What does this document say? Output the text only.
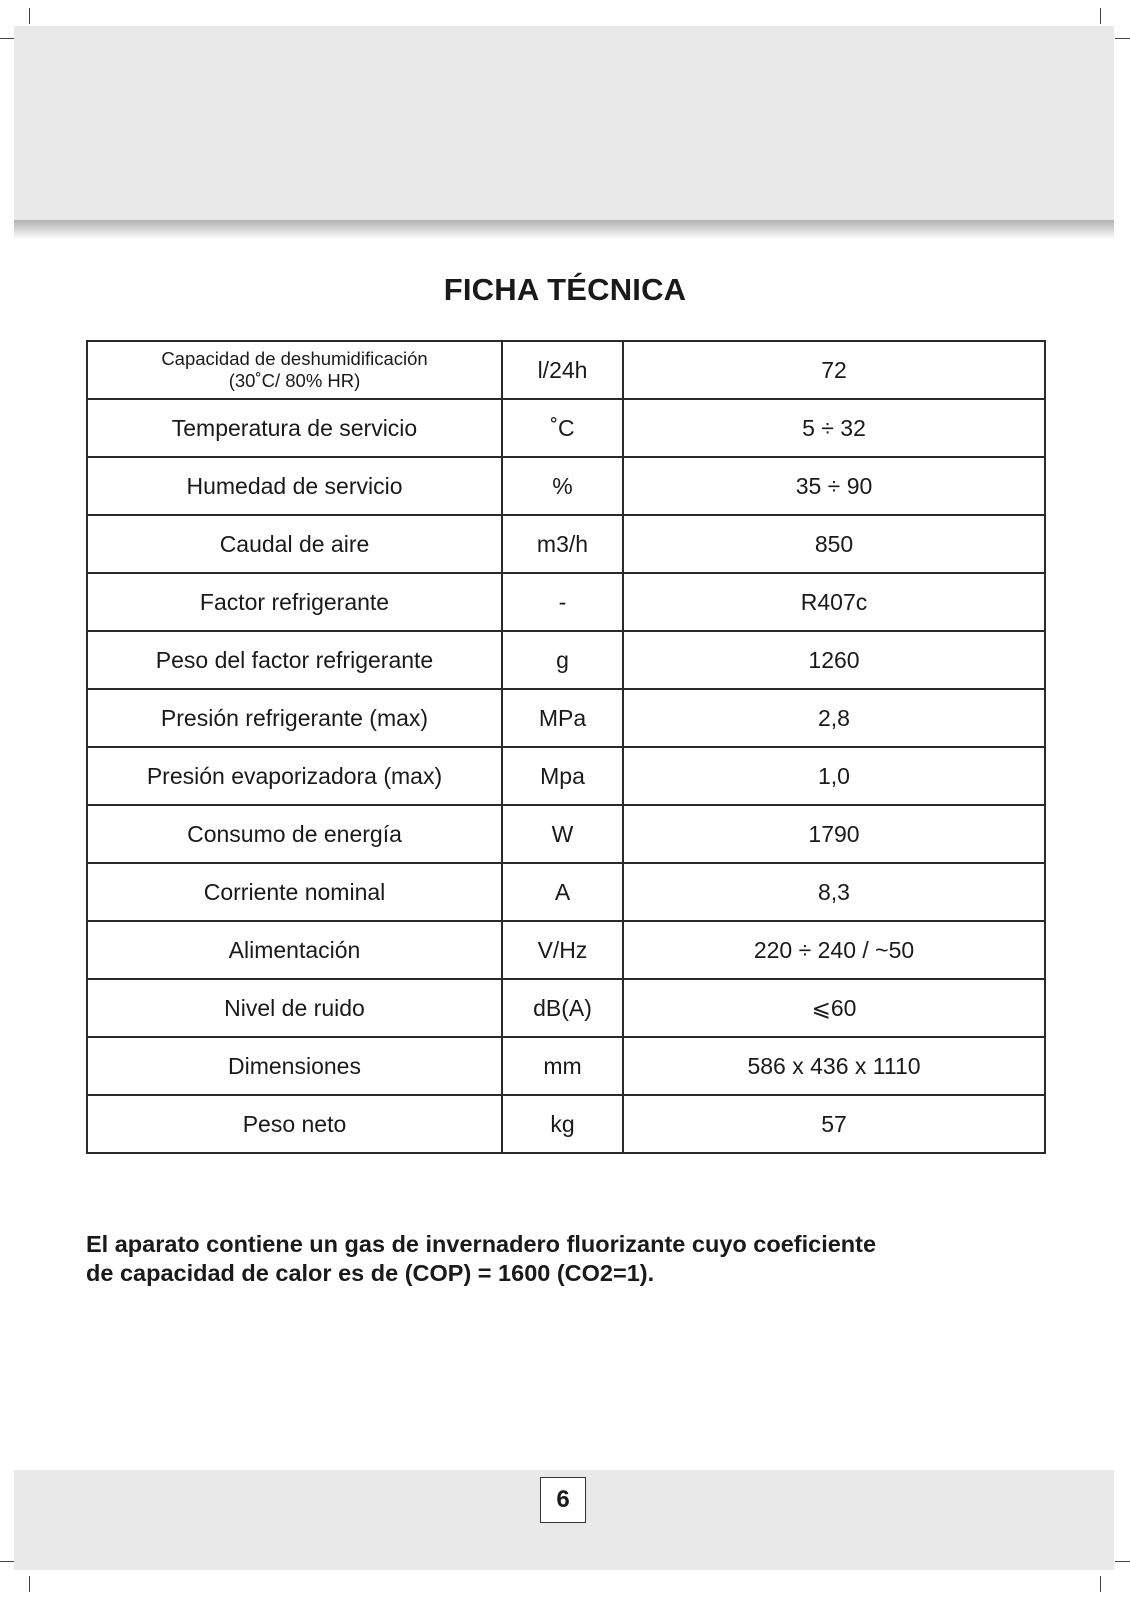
FICHA TÉCNICA
Capacidad de deshumidificación
(30˚C/ 80% HR)	l/24h	72
Temperatura de servicio	˚C	5 ÷ 32
Humedad de servicio	%	35 ÷ 90
Caudal de aire	m3/h	850
Factor refrigerante	-	R407c
Peso del factor refrigerante	g	1260
Presión refrigerante (max)	MPa	2,8
Presión evaporizadora (max)	Mpa	1,0
Consumo de energía	W	1790
Corriente nominal	A	8,3
Alimentación	V/Hz	220 ÷ 240 / ~50
Nivel de ruido	dB(A)	⩽60
Dimensiones	mm	586 x 436 x 1110
Peso neto	kg	57
El aparato contiene un gas de invernadero fluorizante cuyo coeficiente
de capacidad de calor es de (COP) = 1600 (CO2=1).
6
